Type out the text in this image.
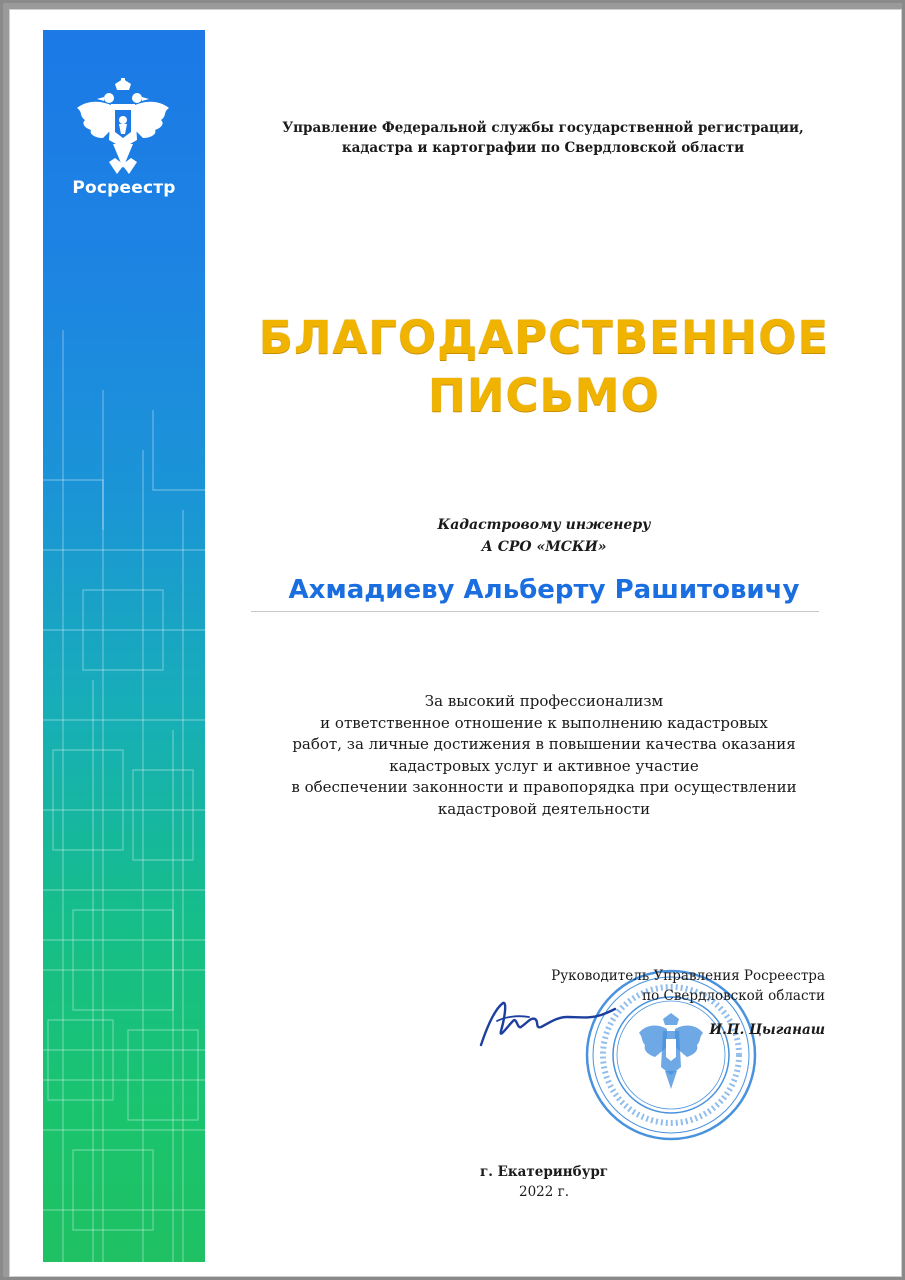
Росреестр
Управление Федеральной службы государственной регистрации,
кадастра и картографии по Свердловской области
БЛАГОДАРСТВЕННОЕ
ПИСЬМО
Кадастровому инженеру
А СРО «МСКИ»
Ахмадиеву Альберту Рашитовичу
За высокий профессионализм
и ответственное отношение к выполнению кадастровых
работ, за личные достижения в повышении качества оказания
кадастровых услуг и активное участие
в обеспечении законности и правопорядка при осуществлении
кадастровой деятельности
Руководитель Управления Росреестра
по Свердловской области
И.П. Цыганаш
г. Екатеринбург
2022 г.
